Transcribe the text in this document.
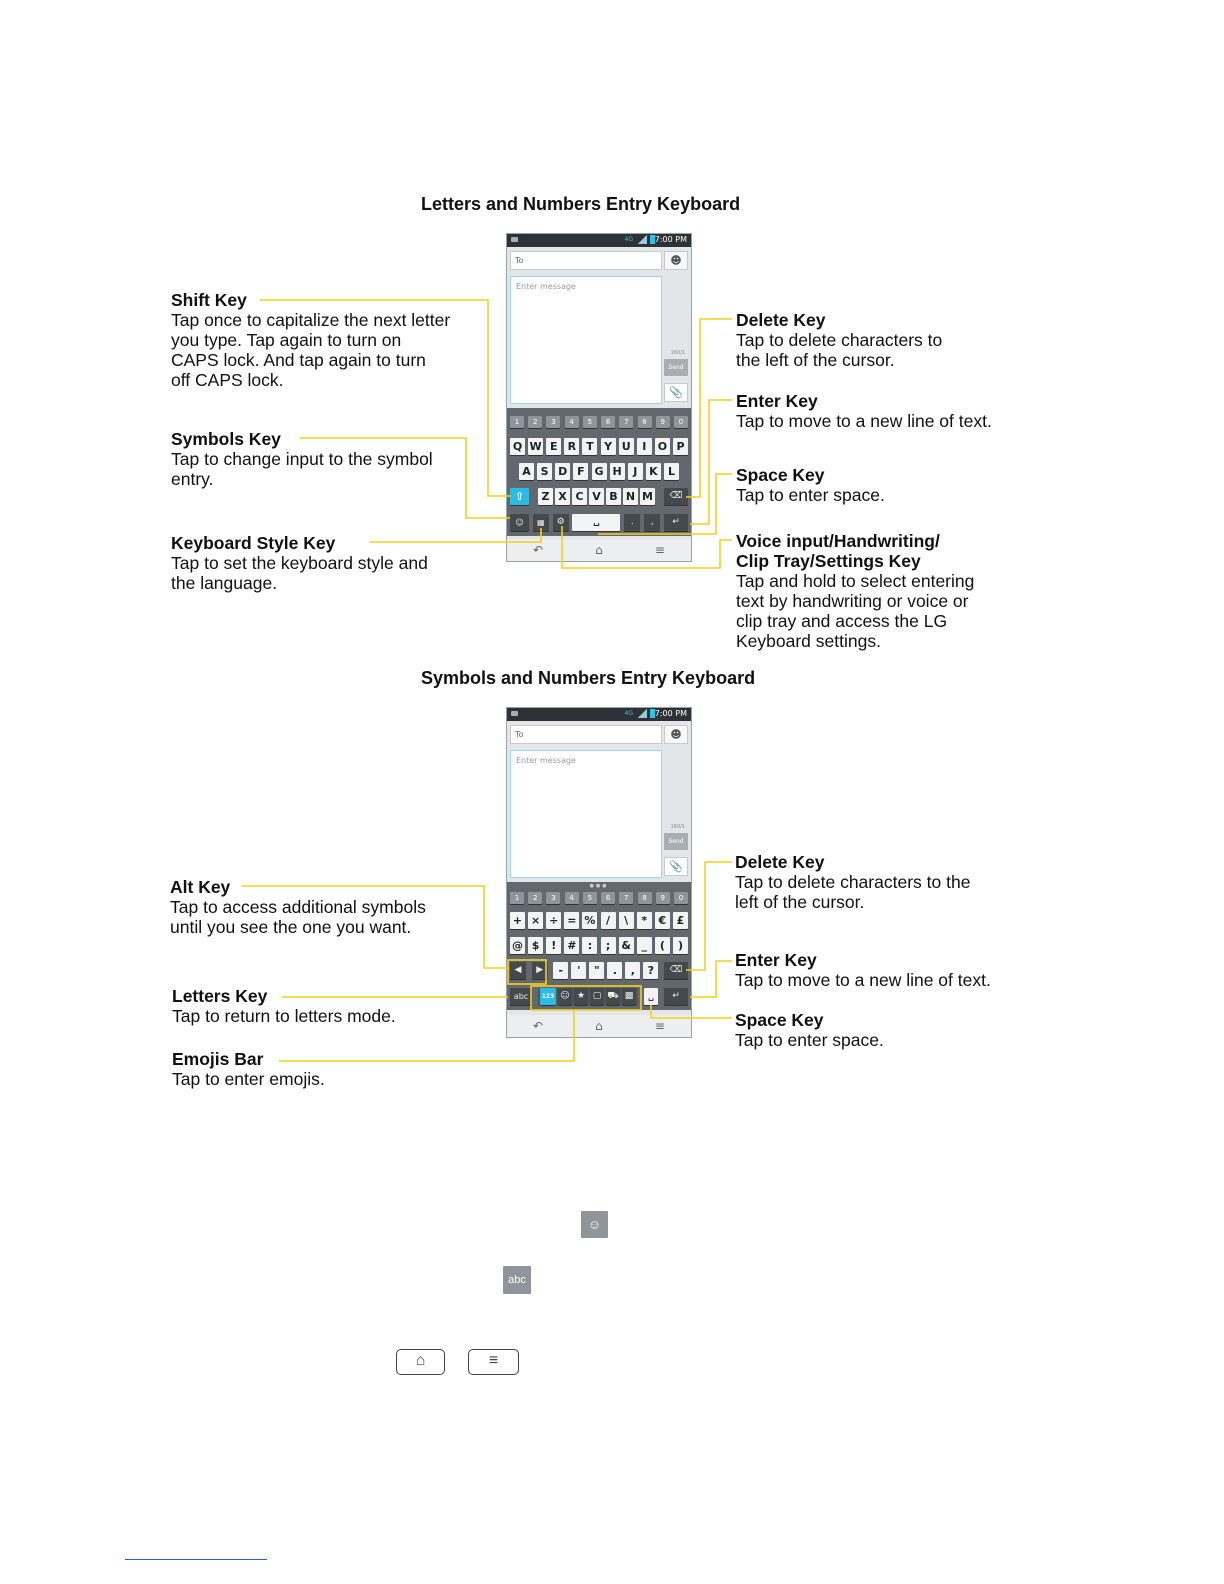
Letters and Numbers Entry Keyboard
4G	7:00 PM
To	☻
Enter message
160/1
Send
📎
1	2	3	4	5	6	7	8	9	0
Q W E R T Y U	I	O P
A S D F G H	J	K L
⇧	Z X C V B N M	⌫
☺	▦	⚙	␣	.	,	↵
↶	⌂	≡
Shift Key
Tap once to capitalize the next letter
you type. Tap again to turn on
CAPS lock. And tap again to turn
off CAPS lock.
Symbols Key
Tap to change input to the symbol
entry.
Keyboard Style Key
Tap to set the keyboard style and
the language.
Delete Key
Tap to delete characters to
the left of the cursor.
Enter Key
Tap to move to a new line of text.
Space Key
Tap to enter space.
Voice input/Handwriting/
Clip Tray/Settings Key
Tap and hold to select entering
text by handwriting or voice or
clip tray and access the LG
Keyboard settings.
Symbols and Numbers Entry Keyboard
4G	7:00 PM
To	☻
Enter message
160/1
Send
📎
●●●
1	2	3	4	5	6	7	8	9	0
+ × ÷ = % /	\	*	€ £
@ $	! #	:	;	& _	(	)
◀	▶	-	'	"	.	,	?	⌫
abc	123 ☺ ★ ▢ ⛟ ▩	␣	↵
↶	⌂	≡
Alt Key
Tap to access additional symbols
until you see the one you want.
Letters Key
Tap to return to letters mode.
Emojis Bar
Tap to enter emojis.
Delete Key
Tap to delete characters to the
left of the cursor.
Enter Key
Tap to move to a new line of text.
Space Key
Tap to enter space.
☺
abc
⌂	≡
